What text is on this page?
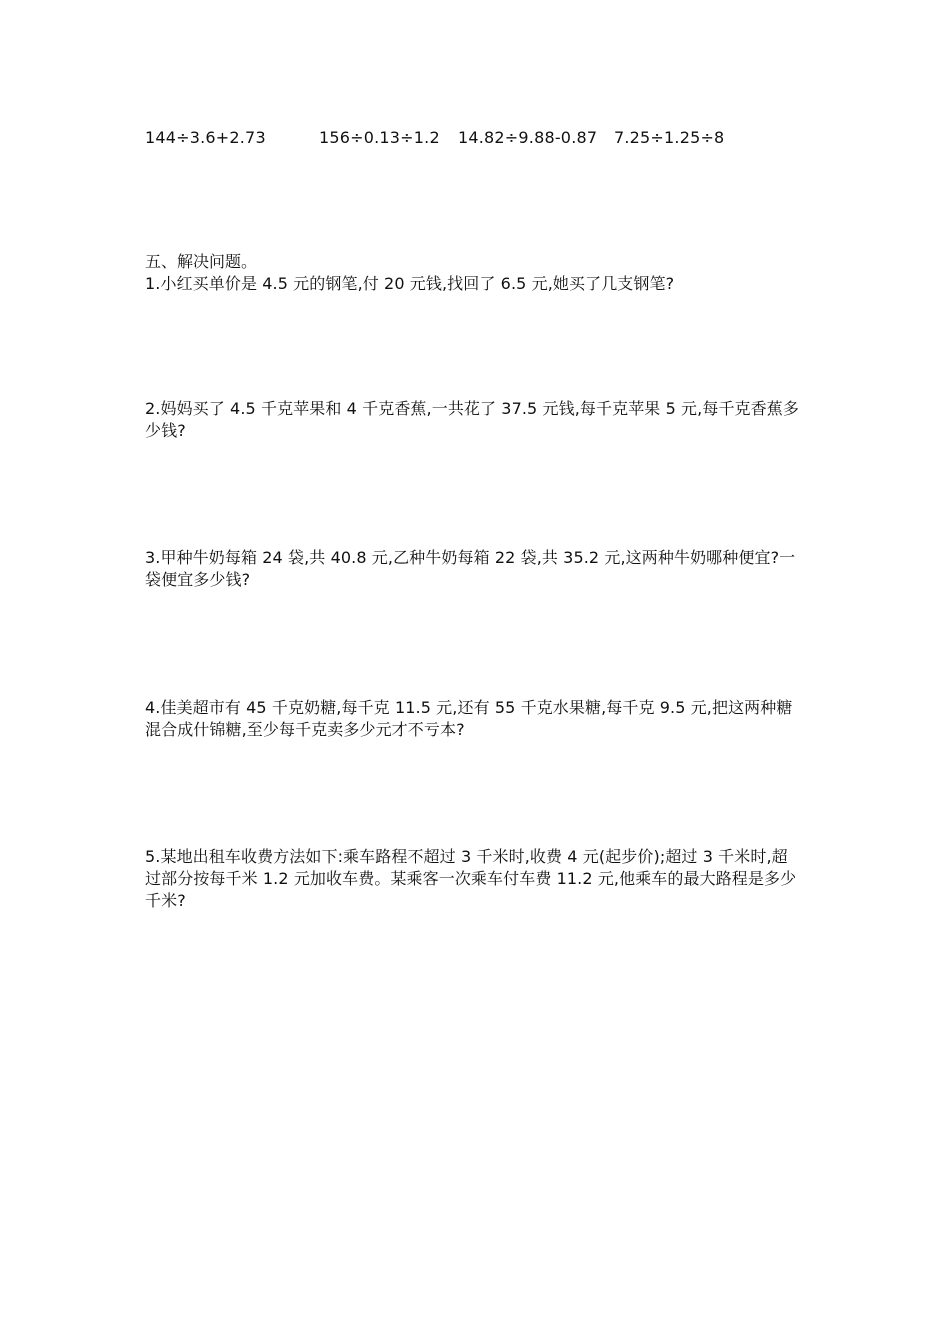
144÷3.6+2.73	156÷0.13÷1.2 14.82÷9.88-0.87 7.25÷1.25÷8
五、解决问题。
1.小红买单价是 4.5 元的钢笔,付 20 元钱,找回了 6.5 元,她买了几支钢笔?
2.妈妈买了 4.5 千克苹果和 4 千克香蕉,一共花了 37.5 元钱,每千克苹果 5 元,每千克香蕉多
少钱?
3.甲种牛奶每箱 24 袋,共 40.8 元,乙种牛奶每箱 22 袋,共 35.2 元,这两种牛奶哪种便宜?一
袋便宜多少钱?
4.佳美超市有 45 千克奶糖,每千克 11.5 元,还有 55 千克水果糖,每千克 9.5 元,把这两种糖
混合成什锦糖,至少每千克卖多少元才不亏本?
5.某地出租车收费方法如下:乘车路程不超过 3 千米时,收费 4 元(起步价);超过 3 千米时,超
过部分按每千米 1.2 元加收车费。某乘客一次乘车付车费 11.2 元,他乘车的最大路程是多少
千米?
